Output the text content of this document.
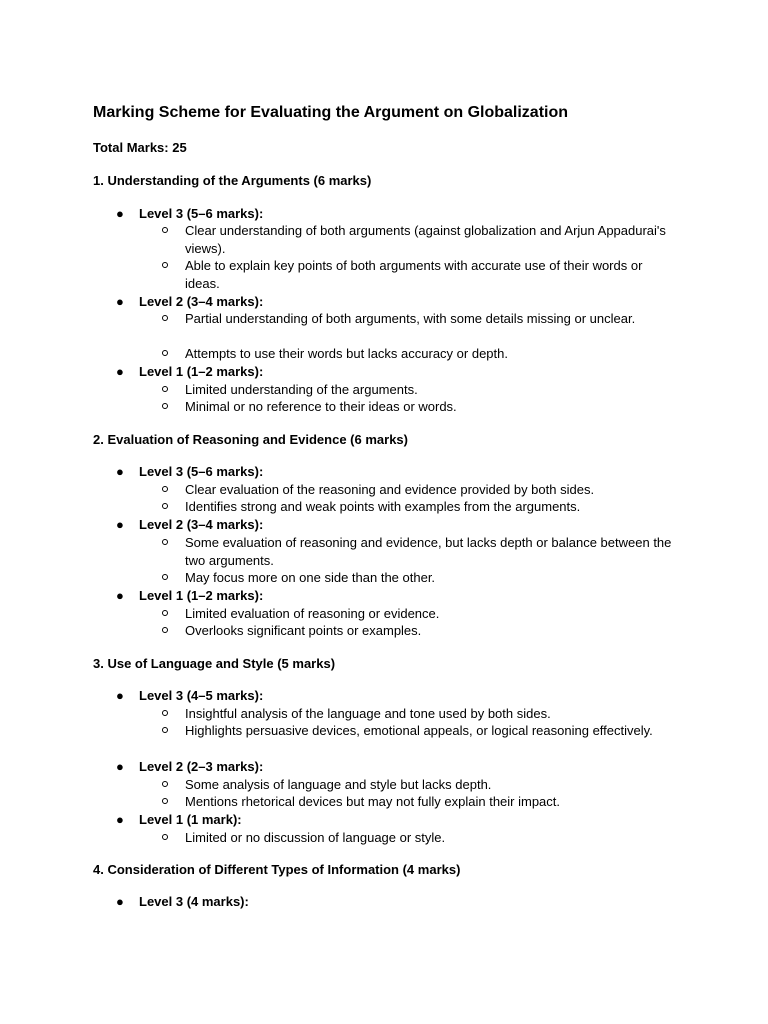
Marking Scheme for Evaluating the Argument on Globalization
Total Marks: 25
1. Understanding of the Arguments (6 marks)
● Level 3 (5–6 marks):
Clear understanding of both arguments (against globalization and Arjun Appadurai's views).
Able to explain key points of both arguments with accurate use of their words or ideas.
● Level 2 (3–4 marks):
Partial understanding of both arguments, with some details missing or unclear.
Attempts to use their words but lacks accuracy or depth.
● Level 1 (1–2 marks):
Limited understanding of the arguments.
Minimal or no reference to their ideas or words.
2. Evaluation of Reasoning and Evidence (6 marks)
● Level 3 (5–6 marks):
Clear evaluation of the reasoning and evidence provided by both sides.
Identifies strong and weak points with examples from the arguments.
● Level 2 (3–4 marks):
Some evaluation of reasoning and evidence, but lacks depth or balance between the two arguments.
May focus more on one side than the other.
● Level 1 (1–2 marks):
Limited evaluation of reasoning or evidence.
Overlooks significant points or examples.
3. Use of Language and Style (5 marks)
● Level 3 (4–5 marks):
Insightful analysis of the language and tone used by both sides.
Highlights persuasive devices, emotional appeals, or logical reasoning effectively.
● Level 2 (2–3 marks):
Some analysis of language and style but lacks depth.
Mentions rhetorical devices but may not fully explain their impact.
● Level 1 (1 mark):
Limited or no discussion of language or style.
4. Consideration of Different Types of Information (4 marks)
● Level 3 (4 marks):
